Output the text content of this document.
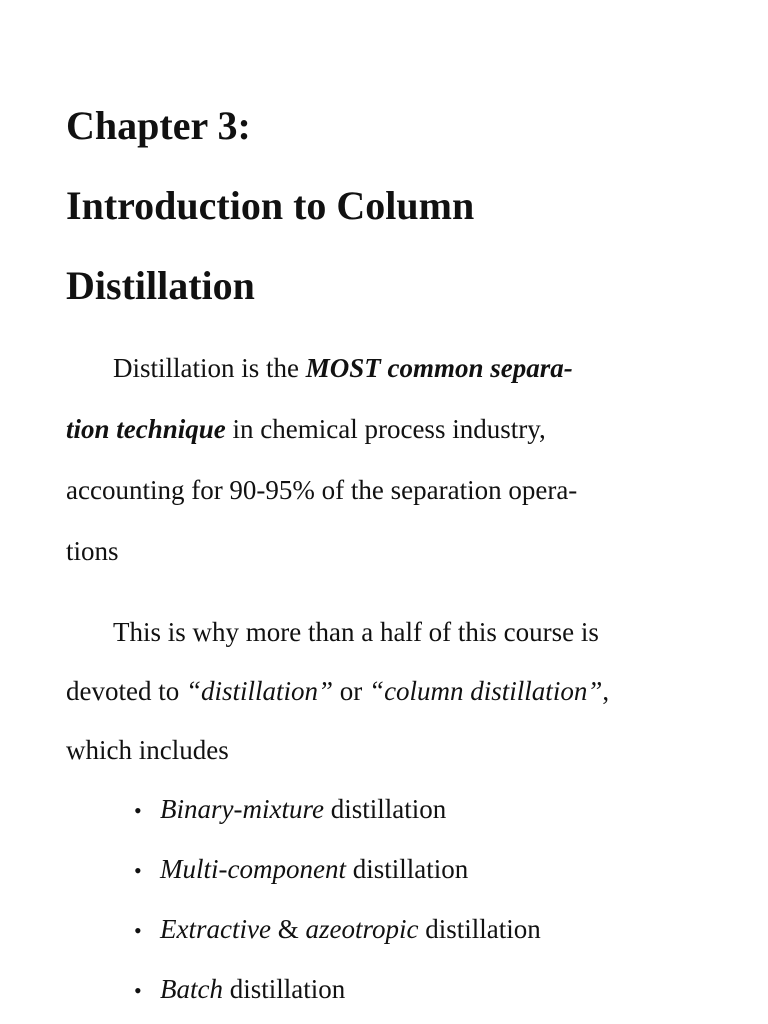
Chapter 3:
Introduction to Column
Distillation

Distillation is the MOST common separa-
tion technique in chemical process industry,
accounting for 90-95% of the separation opera-
tions

This is why more than a half of this course is
devoted to “distillation” or “column distillation”,
which includes

• Binary-mixture distillation
• Multi-component distillation
• Extractive & azeotropic distillation
• Batch distillation
